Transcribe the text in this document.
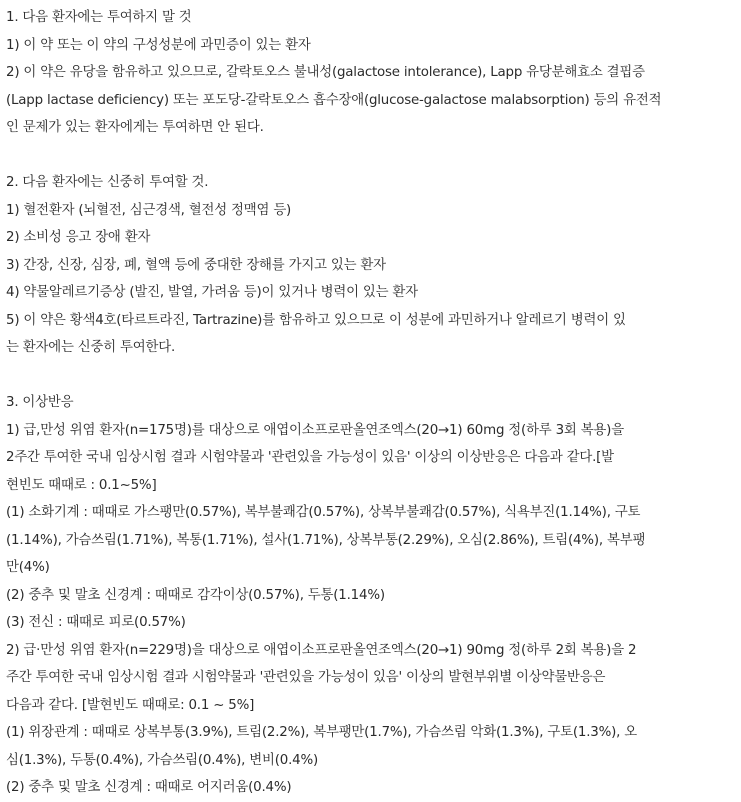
1. 다음 환자에는 투여하지 말 것
1) 이 약 또는 이 약의 구성성분에 과민증이 있는 환자
2) 이 약은 유당을 함유하고 있으므로, 갈락토오스 불내성(galactose intolerance), Lapp 유당분해효소 결핍증
(Lapp lactase deficiency) 또는 포도당-갈락토오스 흡수장애(glucose-galactose malabsorption) 등의 유전적
인 문제가 있는 환자에게는 투여하면 안 된다.
2. 다음 환자에는 신중히 투여할 것.
1) 혈전환자 (뇌혈전, 심근경색, 혈전성 정맥염 등)
2) 소비성 응고 장애 환자
3) 간장, 신장, 심장, 폐, 혈액 등에 중대한 장해를 가지고 있는 환자
4) 약물알레르기증상 (발진, 발열, 가려움 등)이 있거나 병력이 있는 환자
5) 이 약은 황색4호(타르트라진, Tartrazine)를 함유하고 있으므로 이 성분에 과민하거나 알레르기 병력이 있
는 환자에는 신중히 투여한다.
3. 이상반응
1) 급,만성 위염 환자(n=175명)를 대상으로 애엽이소프로판올연조엑스(20→1) 60mg 정(하루 3회 복용)을
2주간 투여한 국내 임상시험 결과 시험약물과 '관련있을 가능성이 있음' 이상의 이상반응은 다음과 같다.[발
현빈도 때때로 : 0.1~5%]
(1) 소화기계 : 때때로 가스팽만(0.57%), 복부불쾌감(0.57%), 상복부불쾌감(0.57%), 식욕부진(1.14%), 구토
(1.14%), 가슴쓰림(1.71%), 복통(1.71%), 설사(1.71%), 상복부통(2.29%), 오심(2.86%), 트림(4%), 복부팽
만(4%)
(2) 중추 및 말초 신경계 : 때때로 감각이상(0.57%), 두통(1.14%)
(3) 전신 : 때때로 피로(0.57%)
2) 급·만성 위염 환자(n=229명)을 대상으로 애엽이소프로판올연조엑스(20→1) 90mg 정(하루 2회 복용)을 2
주간 투여한 국내 임상시험 결과 시험약물과 '관련있을 가능성이 있음' 이상의 발현부위별 이상약물반응은
다음과 같다. [발현빈도 때때로: 0.1 ~ 5%]
(1) 위장관계 : 때때로 상복부통(3.9%), 트림(2.2%), 복부팽만(1.7%), 가슴쓰림 악화(1.3%), 구토(1.3%), 오
심(1.3%), 두통(0.4%), 가슴쓰림(0.4%), 변비(0.4%)
(2) 중추 및 말초 신경계 : 때때로 어지러움(0.4%)
